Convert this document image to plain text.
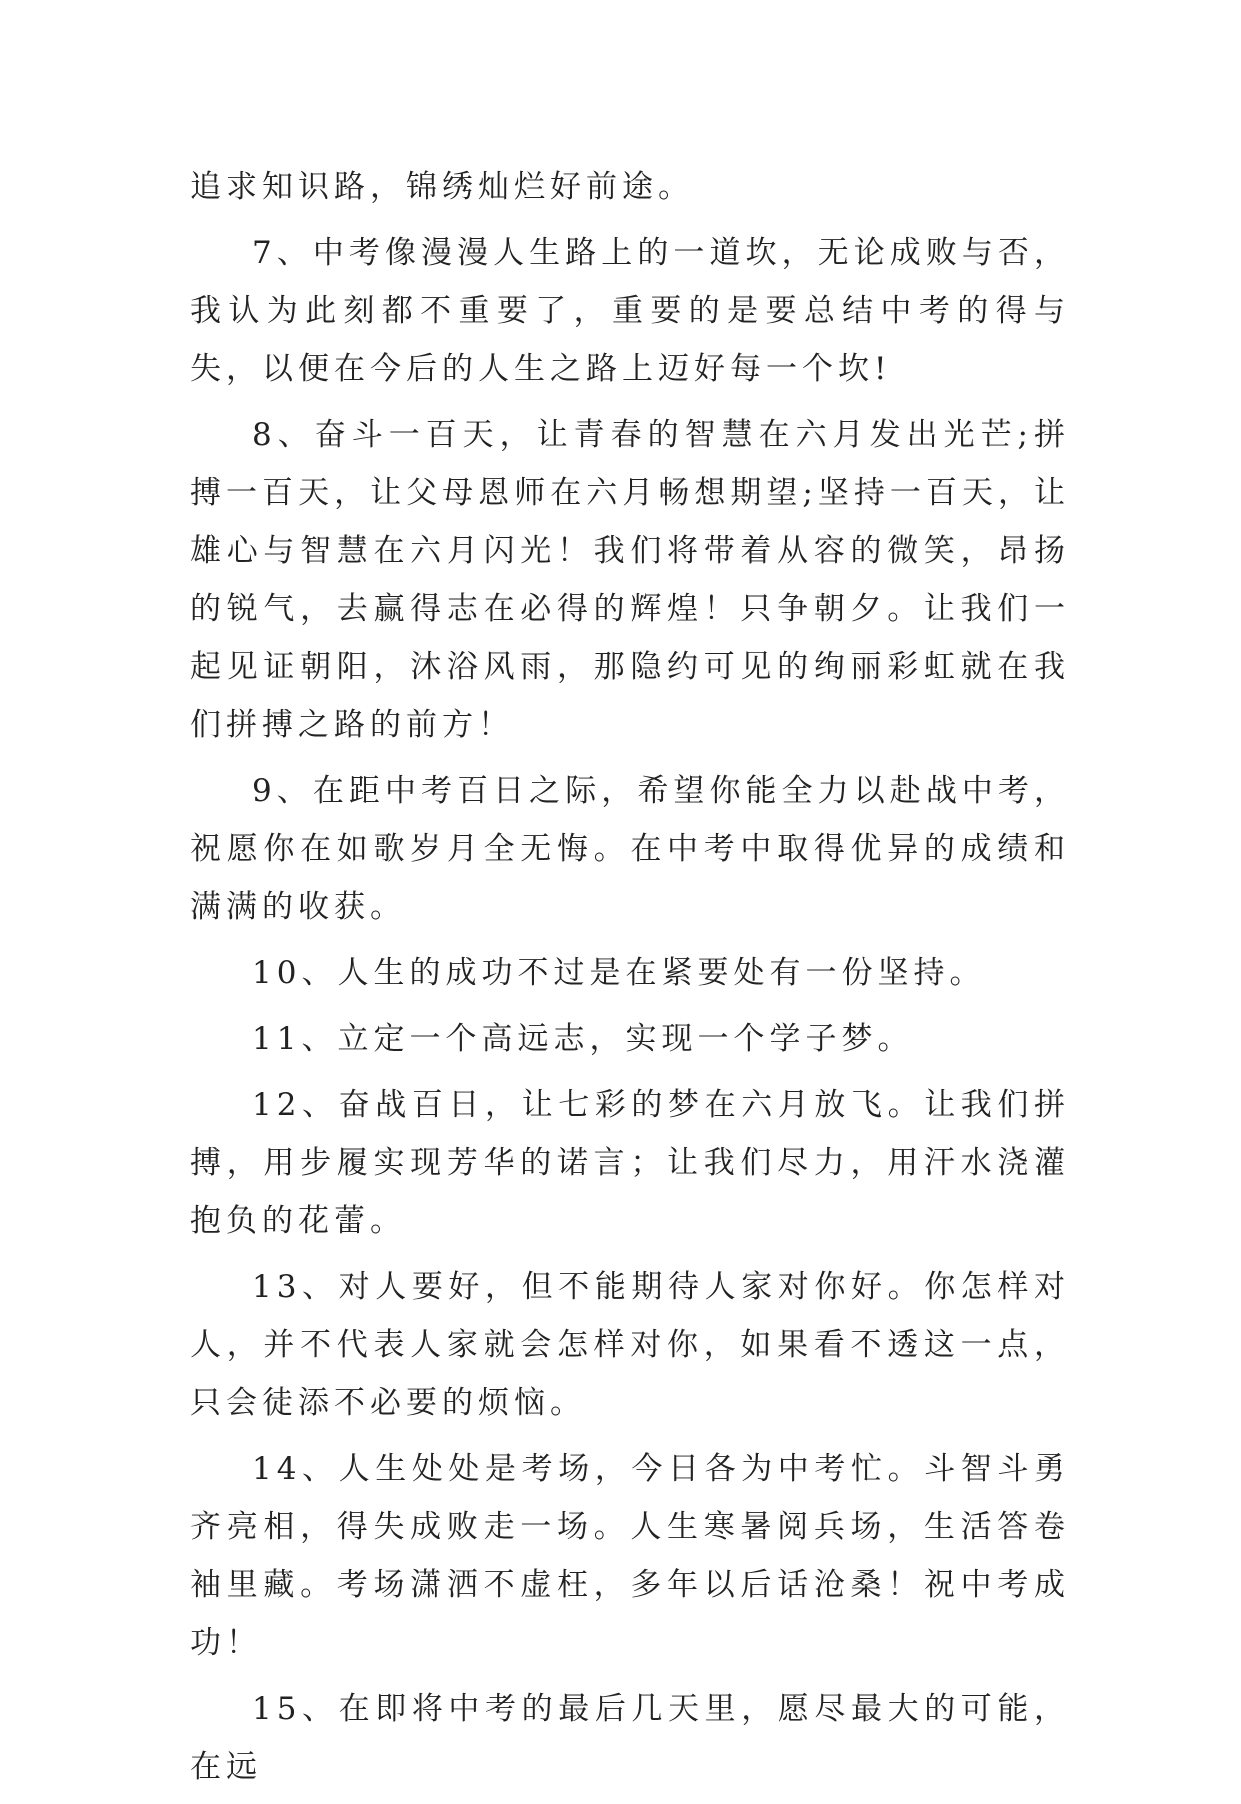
追求知识路，锦绣灿烂好前途。

7、中考像漫漫人生路上的一道坎，无论成败与否，我认为此刻都不重要了，重要的是要总结中考的得与失，以便在今后的人生之路上迈好每一个坎!

8、奋斗一百天，让青春的智慧在六月发出光芒;拼搏一百天，让父母恩师在六月畅想期望;坚持一百天，让雄心与智慧在六月闪光！我们将带着从容的微笑，昂扬的锐气，去赢得志在必得的辉煌！只争朝夕。让我们一起见证朝阳，沐浴风雨，那隐约可见的绚丽彩虹就在我们拼搏之路的前方！

9、在距中考百日之际，希望你能全力以赴战中考，祝愿你在如歌岁月全无悔。在中考中取得优异的成绩和满满的收获。

10、人生的成功不过是在紧要处有一份坚持。

11、立定一个高远志，实现一个学子梦。

12、奋战百日，让七彩的梦在六月放飞。让我们拼搏，用步履实现芳华的诺言；让我们尽力，用汗水浇灌抱负的花蕾。

13、对人要好，但不能期待人家对你好。你怎样对人，并不代表人家就会怎样对你，如果看不透这一点，只会徒添不必要的烦恼。

14、人生处处是考场，今日各为中考忙。斗智斗勇齐亮相，得失成败走一场。人生寒暑阅兵场，生活答卷袖里藏。考场潇洒不虚枉，多年以后话沧桑！祝中考成功！

15、在即将中考的最后几天里，愿尽最大的可能，在远
